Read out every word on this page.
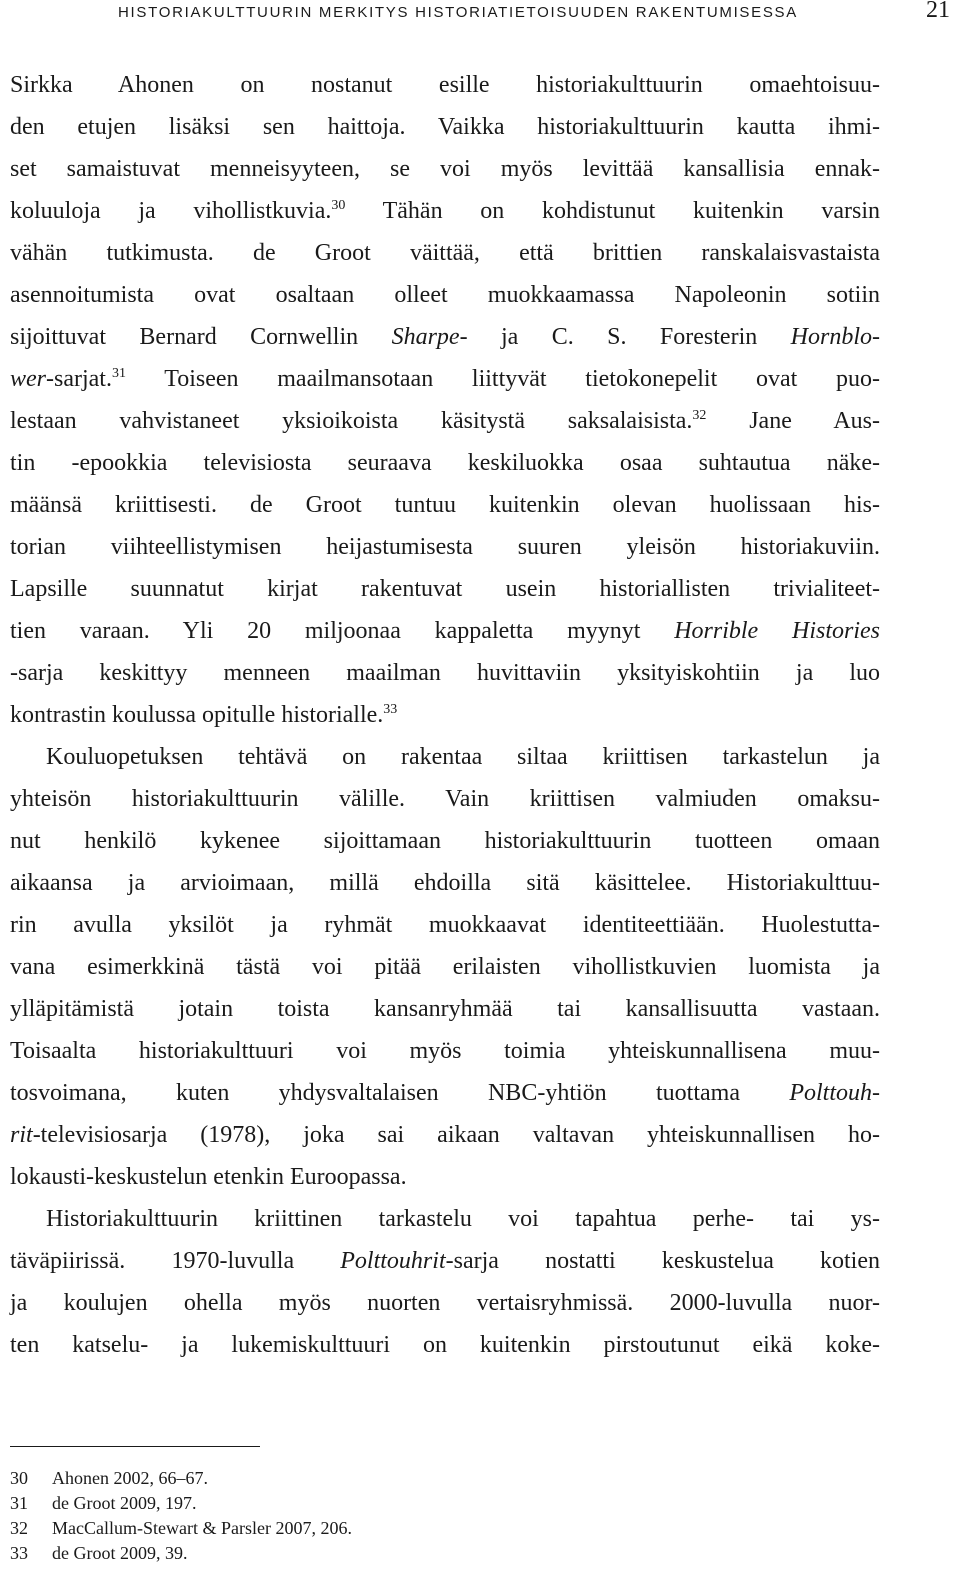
HISTORIAKULTTUURIN MERKITYS HISTORIATIETOISUUDEN RAKENTUMISESSA	21
Sirkka Ahonen on nostanut esille historiakulttuurin omaehtoisuu-
den etujen lisäksi sen haittoja. Vaikka historiakulttuurin kautta ihmi-
set samaistuvat menneisyyteen, se voi myös levittää kansallisia ennak-
koluuloja ja vihollistkuvia.$^{30}$ Tähän on kohdistunut kuitenkin varsin
vähän tutkimusta. de Groot väittää, että brittien ranskalaisvastaista
asennoitumista ovat osaltaan olleet muokkaamassa Napoleonin sotiin
sijoittuvat Bernard Cornwellin Sharpe- ja C. S. Foresterin Hornblo-
wer-sarjat.$^{31}$ Toiseen maailmansotaan liittyvät tietokonepelit ovat puo-
lestaan vahvistaneet yksioikoista käsitystä saksalaisista.$^{32}$ Jane Aus-
tin -epookkia televisiosta seuraava keskiluokka osaa suhtautua näke-
määnsä kriittisesti. de Groot tuntuu kuitenkin olevan huolissaan his-
torian viihteellistymisen heijastumisesta suuren yleisön historiakuviin.
Lapsille suunnatut kirjat rakentuvat usein historiallisten trivialiteet-
tien varaan. Yli 20 miljoonaa kappaletta myynyt Horrible Histories
-sarja keskittyy menneen maailman huvittaviin yksityiskohtiin ja luo
kontrastin koulussa opitulle historialle.$^{33}$
Kouluopetuksen tehtävä on rakentaa siltaa kriittisen tarkastelun ja
yhteisön historiakulttuurin välille. Vain kriittisen valmiuden omaksu-
nut henkilö kykenee sijoittamaan historiakulttuurin tuotteen omaan
aikaansa ja arvioimaan, millä ehdoilla sitä käsittelee. Historiakulttuu-
rin avulla yksilöt ja ryhmät muokkaavat identiteettiään. Huolestutta-
vana esimerkkinä tästä voi pitää erilaisten vihollistkuvien luomista ja
ylläpitämistä jotain toista kansanryhmää tai kansallisuutta vastaan.
Toisaalta historiakulttuuri voi myös toimia yhteiskunnallisena muu-
tosvoimana, kuten yhdysvaltalaisen NBC-yhtiön tuottama Polttouh-
rit-televisiosarja (1978), joka sai aikaan valtavan yhteiskunnallisen ho-
lokausti-keskustelun etenkin Euroopassa.
Historiakulttuurin kriittinen tarkastelu voi tapahtua perhe- tai ys-
täväpiirissä. 1970-luvulla Polttouhrit-sarja nostatti keskustelua kotien
ja koulujen ohella myös nuorten vertaisryhmissä. 2000-luvulla nuor-
ten katselu- ja lukemiskulttuuri on kuitenkin pirstoutunut eikä koke-
30 Ahonen 2002, 66–67.
31 de Groot 2009, 197.
32 MacCallum-Stewart & Parsler 2007, 206.
33 de Groot 2009, 39.
